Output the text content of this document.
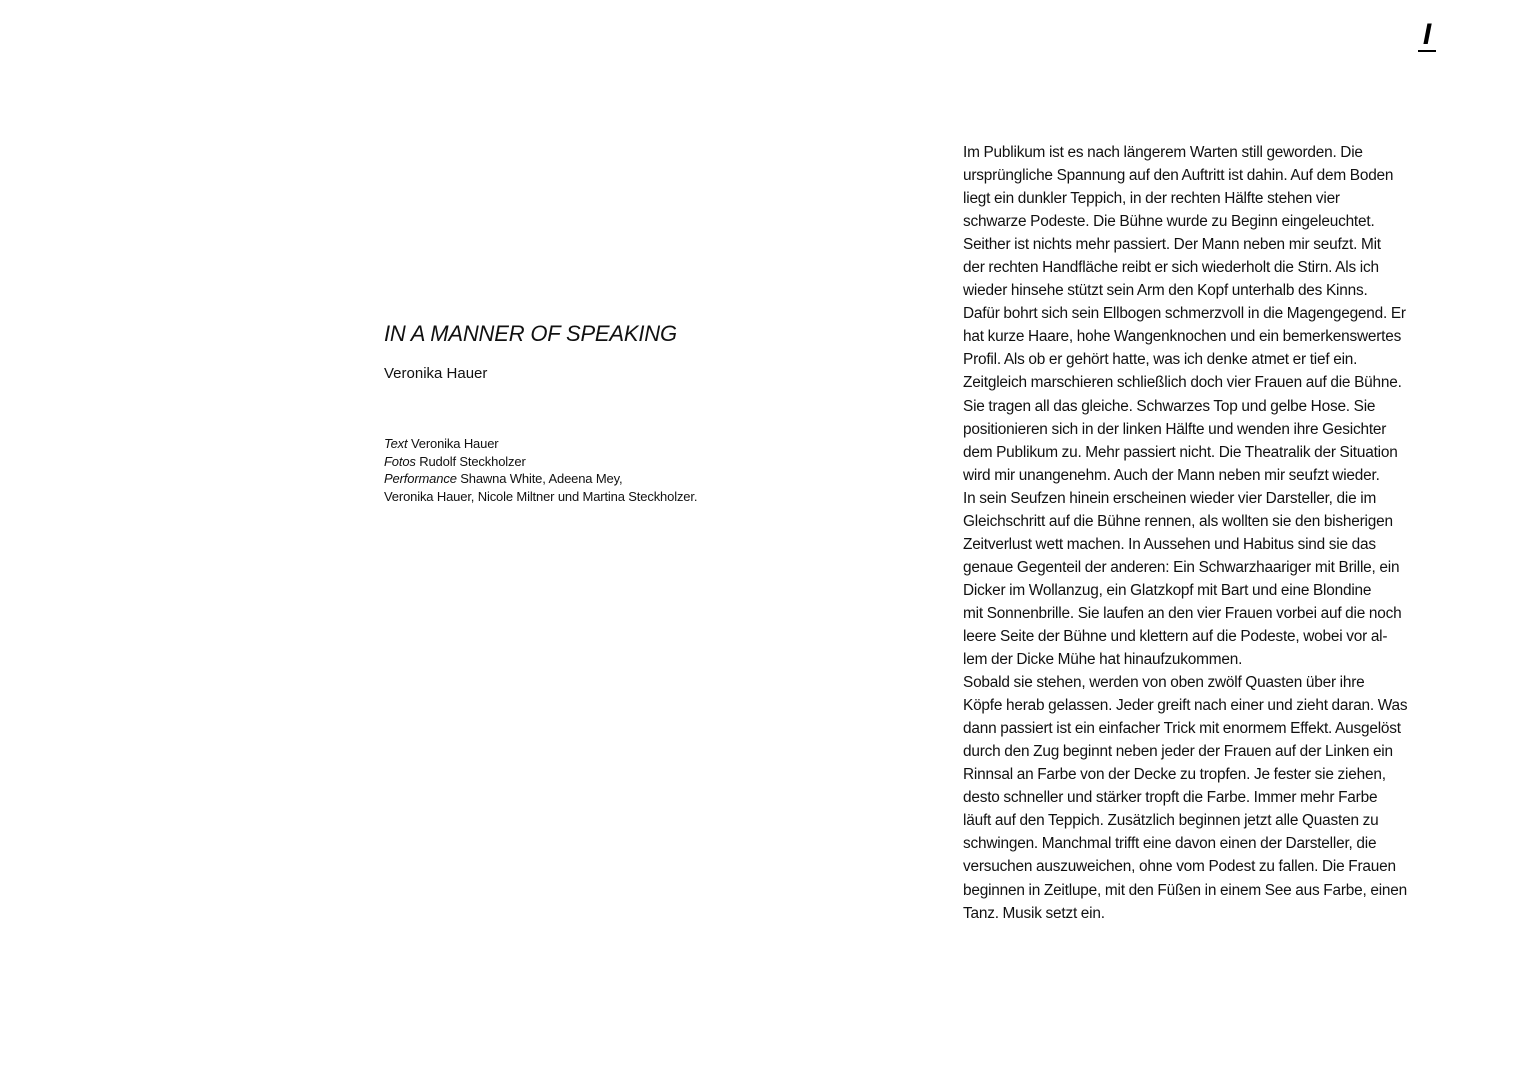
I
IN A MANNER OF SPEAKING
Veronika Hauer
Text Veronika Hauer
Fotos Rudolf Steckholzer
Performance Shawna White, Adeena Mey,
Veronika Hauer, Nicole Miltner und Martina Steckholzer.
Im Publikum ist es nach längerem Warten still geworden. Die
ursprüngliche Spannung auf den Auftritt ist dahin. Auf dem Boden
liegt ein dunkler Teppich, in der rechten Hälfte stehen vier
schwarze Podeste. Die Bühne wurde zu Beginn eingeleuchtet.
Seither ist nichts mehr passiert. Der Mann neben mir seufzt. Mit
der rechten Handfläche reibt er sich wiederholt die Stirn. Als ich
wieder hinsehe stützt sein Arm den Kopf unterhalb des Kinns.
Dafür bohrt sich sein Ellbogen schmerzvoll in die Magengegend. Er
hat kurze Haare, hohe Wangenknochen und ein bemerkenswertes
Profil. Als ob er gehört hatte, was ich denke atmet er tief ein.
Zeitgleich marschieren schließlich doch vier Frauen auf die Bühne.
Sie tragen all das gleiche. Schwarzes Top und gelbe Hose. Sie
positionieren sich in der linken Hälfte und wenden ihre Gesichter
dem Publikum zu. Mehr passiert nicht. Die Theatralik der Situation
wird mir unangenehm. Auch der Mann neben mir seufzt wieder.
In sein Seufzen hinein erscheinen wieder vier Darsteller, die im
Gleichschritt auf die Bühne rennen, als wollten sie den bisherigen
Zeitverlust wett machen. In Aussehen und Habitus sind sie das
genaue Gegenteil der anderen: Ein Schwarzhaariger mit Brille, ein
Dicker im Wollanzug, ein Glatzkopf mit Bart und eine Blondine
mit Sonnenbrille. Sie laufen an den vier Frauen vorbei auf die noch
leere Seite der Bühne und klettern auf die Podeste, wobei vor al-
lem der Dicke Mühe hat hinaufzukommen.
Sobald sie stehen, werden von oben zwölf Quasten über ihre
Köpfe herab gelassen. Jeder greift nach einer und zieht daran. Was
dann passiert ist ein einfacher Trick mit enormem Effekt. Ausgelöst
durch den Zug beginnt neben jeder der Frauen auf der Linken ein
Rinnsal an Farbe von der Decke zu tropfen. Je fester sie ziehen,
desto schneller und stärker tropft die Farbe. Immer mehr Farbe
läuft auf den Teppich. Zusätzlich beginnen jetzt alle Quasten zu
schwingen. Manchmal trifft eine davon einen der Darsteller, die
versuchen auszuweichen, ohne vom Podest zu fallen. Die Frauen
beginnen in Zeitlupe, mit den Füßen in einem See aus Farbe, einen
Tanz. Musik setzt ein.
